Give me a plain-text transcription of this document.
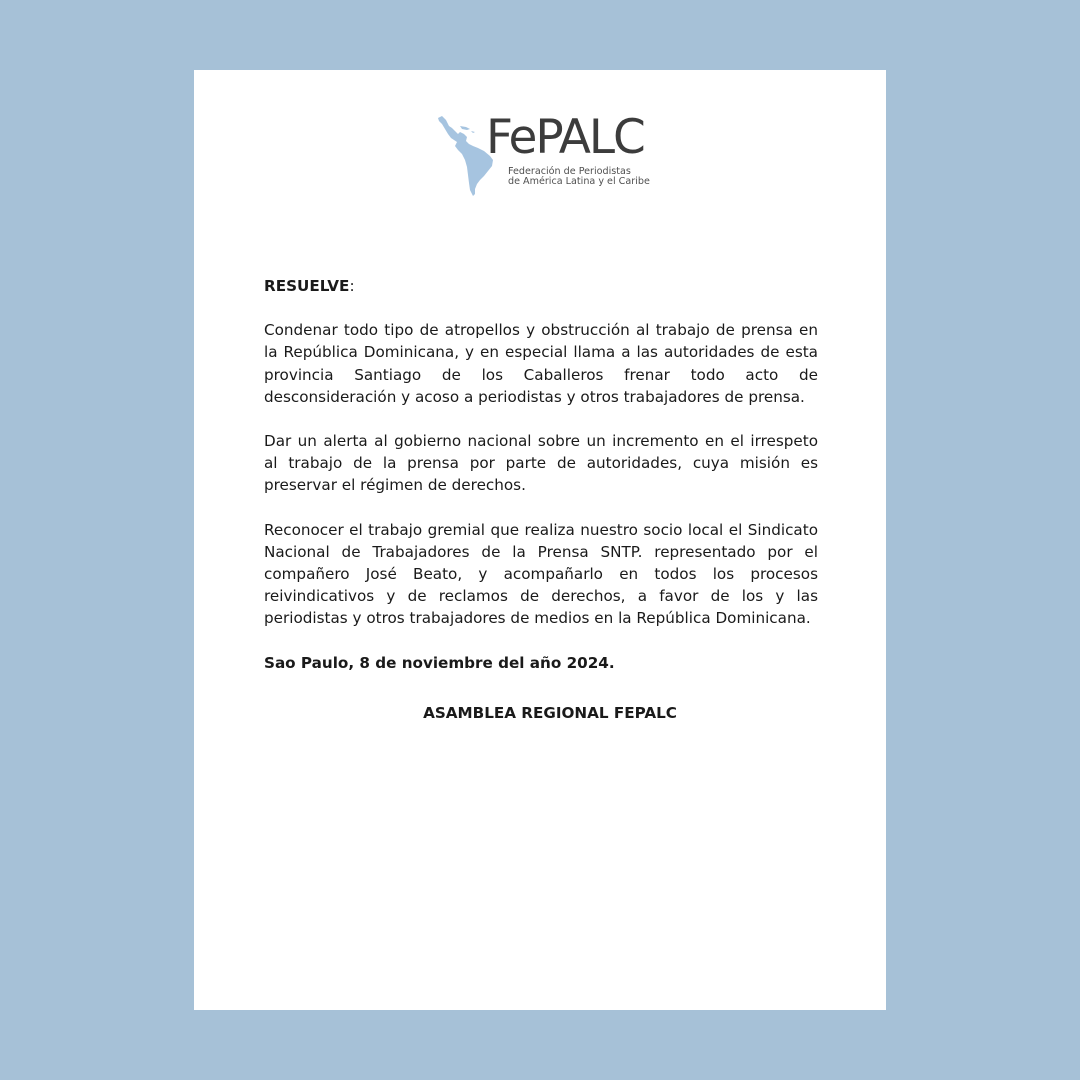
FePALC
Federación de Periodistas
de América Latina y el Caribe

RESUELVE:

Condenar todo tipo de atropellos y obstrucción al trabajo de prensa en la República Dominicana, y en especial llama a las autoridades de esta provincia Santiago de los Caballeros frenar todo acto de desconsideración y acoso a periodistas y otros trabajadores de prensa.

Dar un alerta al gobierno nacional sobre un incremento en el irrespeto al trabajo de la prensa por parte de autoridades, cuya misión es preservar el régimen de derechos.

Reconocer el trabajo gremial que realiza nuestro socio local el Sindicato Nacional de Trabajadores de la Prensa SNTP. representado por el compañero José Beato, y acompañarlo en todos los procesos reivindicativos y de reclamos de derechos, a favor de los y las periodistas y otros trabajadores de medios en la República Dominicana.

Sao Paulo, 8 de noviembre del año 2024.

ASAMBLEA REGIONAL FEPALC
